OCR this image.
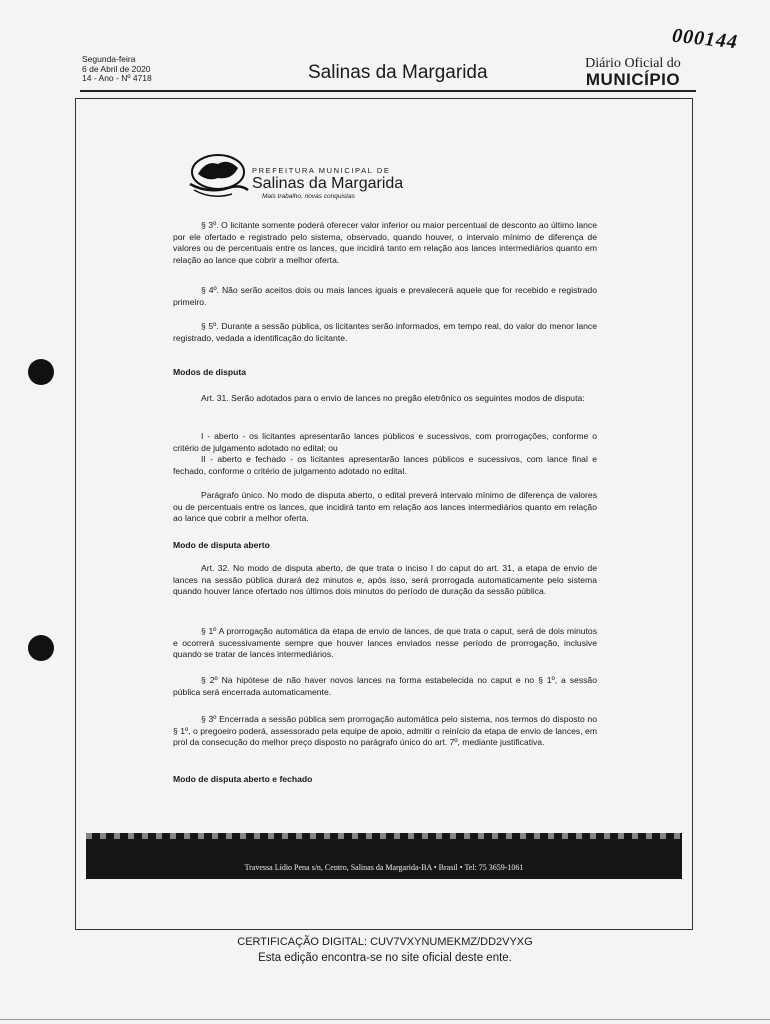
000144
Segunda-feira
6 de Abril de 2020
14 - Ano - Nº 4718	Salinas da Margarida	Diário Oficial do
MUNICÍPIO
PREFEITURA MUNICIPAL DE
Salinas da Margarida
Mais trabalho, novas conquistas

§ 3º. O licitante somente poderá oferecer valor inferior ou maior percentual de desconto ao último lance por ele ofertado e registrado pelo sistema, observado, quando houver, o intervalo mínimo de diferença de valores ou de percentuais entre os lances, que incidirá tanto em relação aos lances intermediários quanto em relação ao lance que cobrir a melhor oferta.

§ 4º. Não serão aceitos dois ou mais lances iguais e prevalecerá aquele que for recebido e registrado primeiro.

§ 5º. Durante a sessão pública, os licitantes serão informados, em tempo real, do valor do menor lance registrado, vedada a identificação do licitante.

Modos de disputa

Art. 31. Serão adotados para o envio de lances no pregão eletrônico os seguintes modos de disputa:

I - aberto - os licitantes apresentarão lances públicos e sucessivos, com prorrogações, conforme o critério de julgamento adotado no edital; ou

II - aberto e fechado - os licitantes apresentarão lances públicos e sucessivos, com lance final e fechado, conforme o critério de julgamento adotado no edital.

Parágrafo único. No modo de disputa aberto, o edital preverá intervalo mínimo de diferença de valores ou de percentuais entre os lances, que incidirá tanto em relação aos lances intermediários quanto em relação ao lance que cobrir a melhor oferta.

Modo de disputa aberto

Art. 32. No modo de disputa aberto, de que trata o inciso I do caput do art. 31, a etapa de envio de lances na sessão pública durará dez minutos e, após isso, será prorrogada automaticamente pelo sistema quando houver lance ofertado nos últimos dois minutos do período de duração da sessão pública.

§ 1º A prorrogação automática da etapa de envio de lances, de que trata o caput, será de dois minutos e ocorrerá sucessivamente sempre que houver lances enviados nesse período de prorrogação, inclusive quando se tratar de lances intermediários.

§ 2º Na hipótese de não haver novos lances na forma estabelecida no caput e no § 1º, a sessão pública será encerrada automaticamente.

§ 3º Encerrada a sessão pública sem prorrogação automática pelo sistema, nos termos do disposto no § 1º, o pregoeiro poderá, assessorado pela equipe de apoio, admitir o reinício da etapa de envio de lances, em prol da consecução do melhor preço disposto no parágrafo único do art. 7º, mediante justificativa.

Modo de disputa aberto e fechado

Travessa Lídio Pena s/n, Centro, Salinas da Margarida-BA • Brasil • Tel: 75 3659-1061
CERTIFICAÇÃO DIGITAL: CUV7VXYNUMEKMZ/DD2VYXG
Esta edição encontra-se no site oficial deste ente.
